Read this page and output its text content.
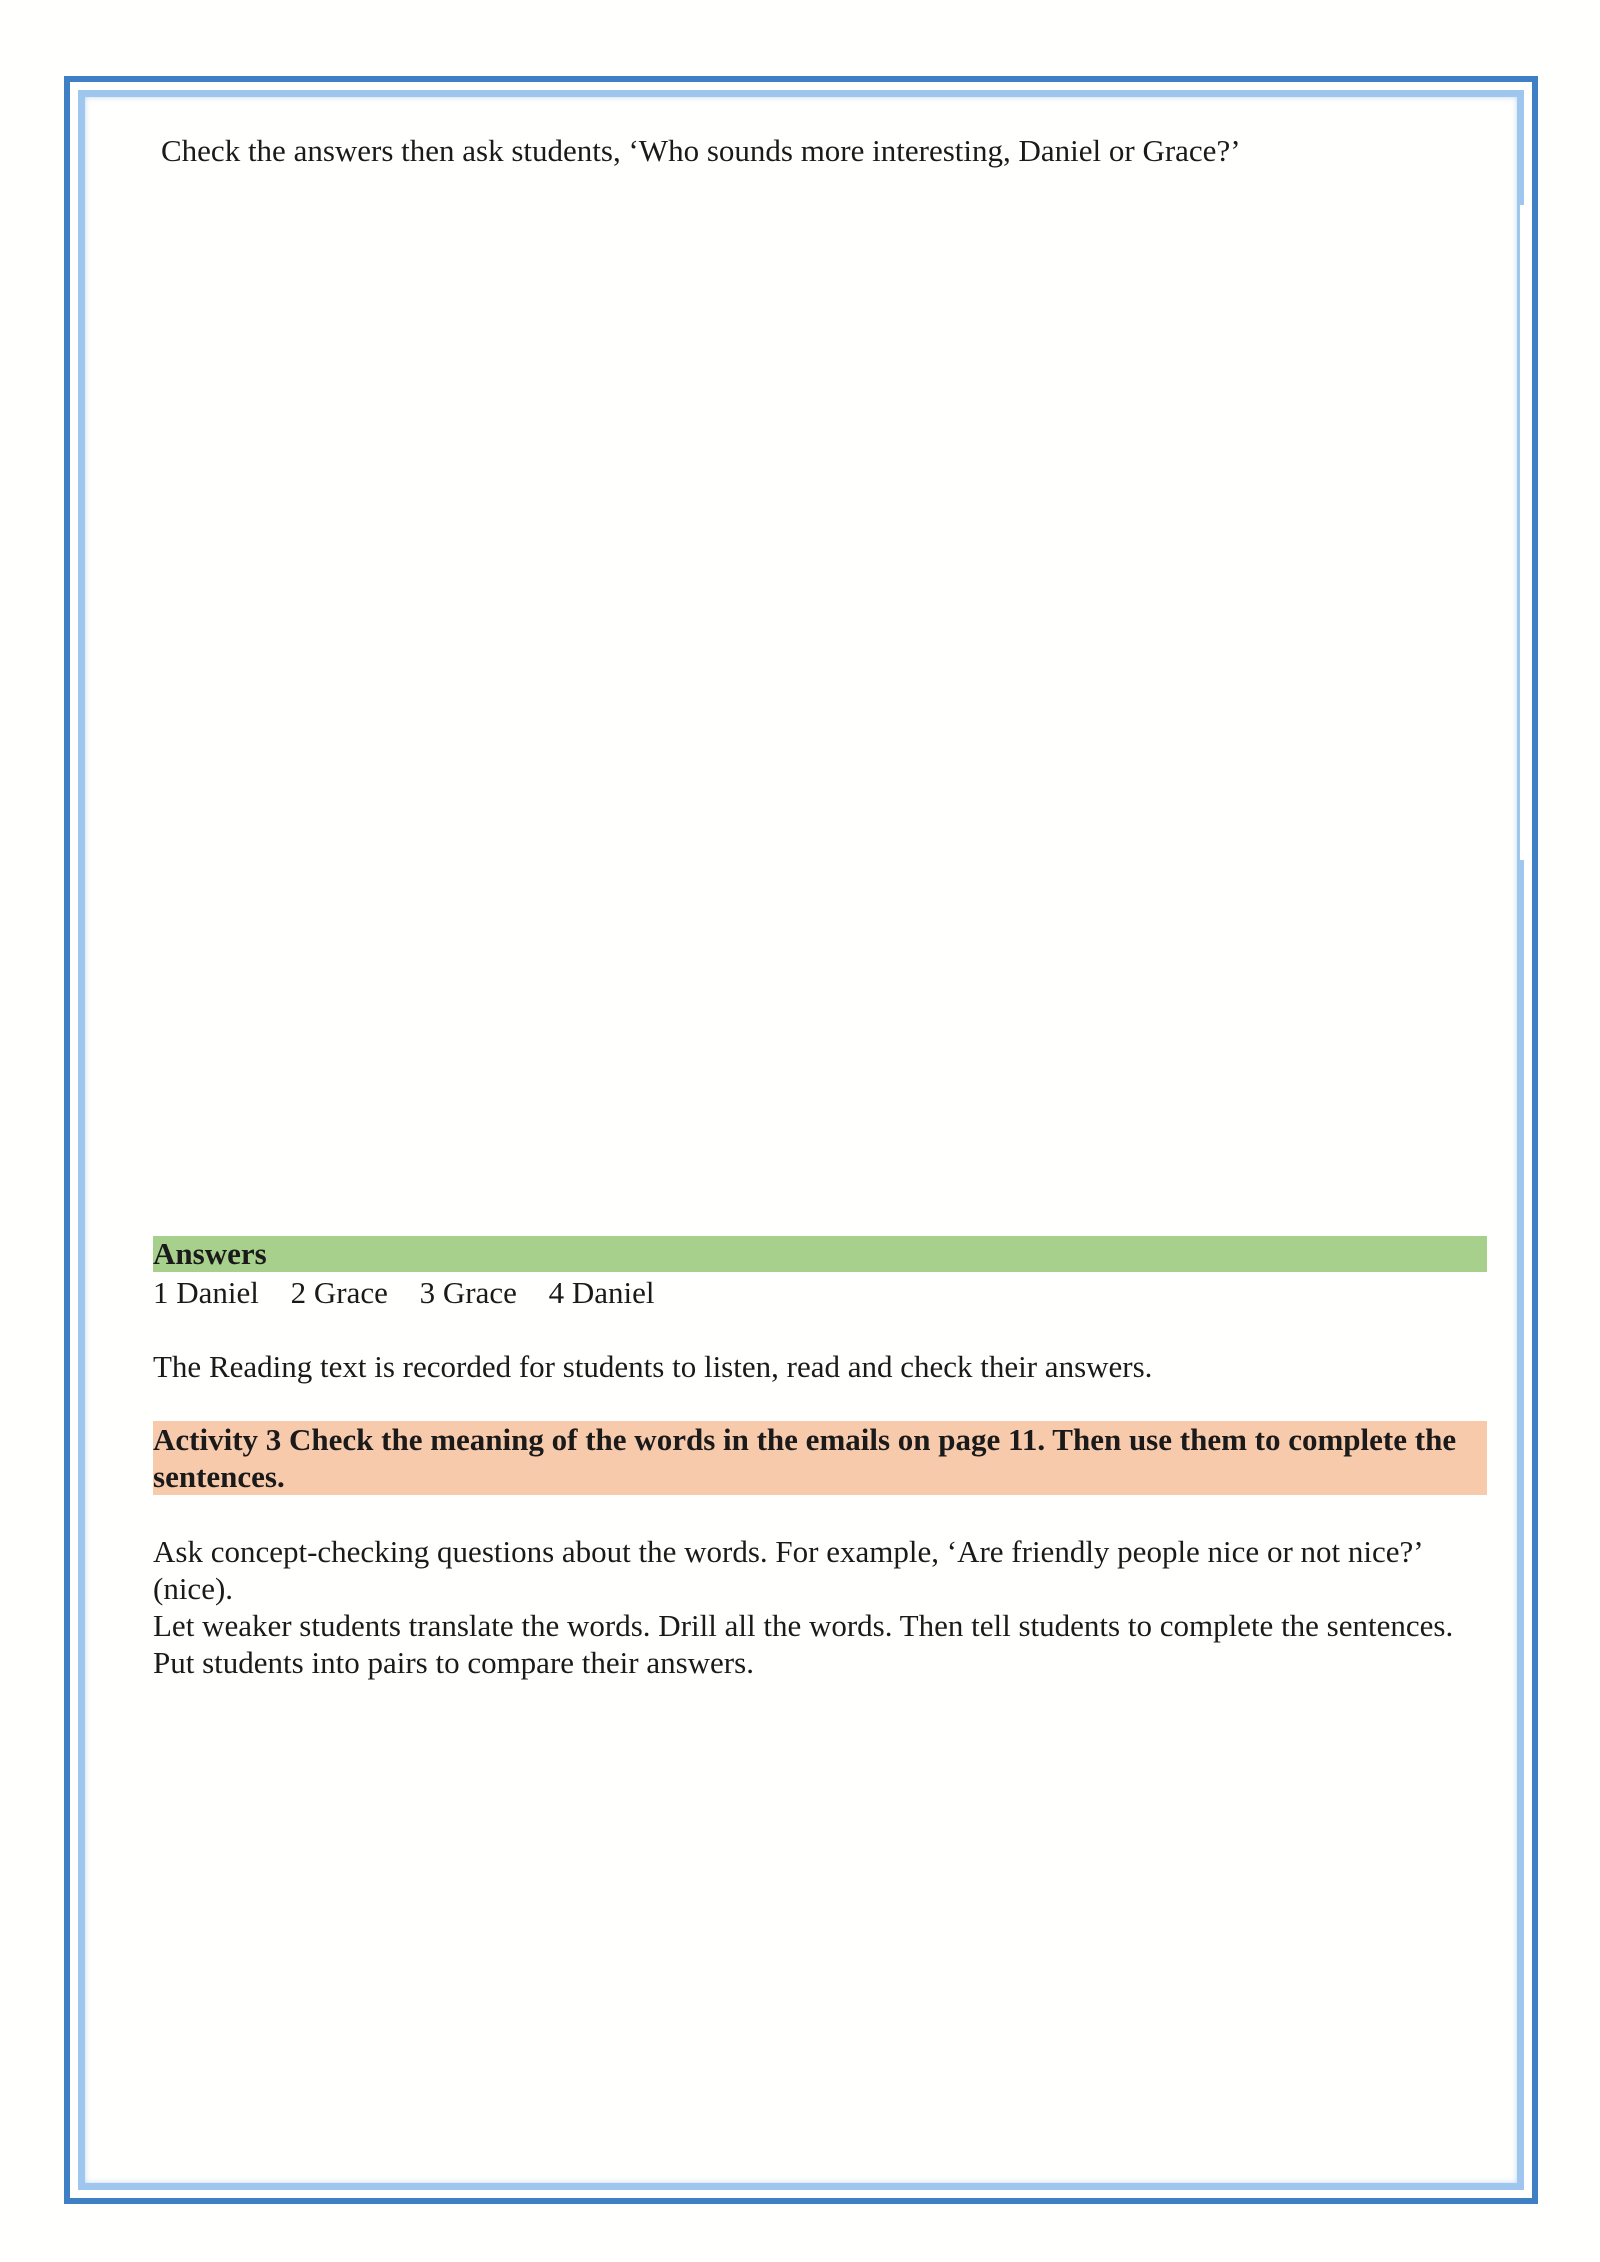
Check the answers then ask students, ‘Who sounds more interesting, Daniel or Grace?’
Answers
1 Daniel 2 Grace 3 Grace 4 Daniel
The Reading text is recorded for students to listen, read and check their answers.
Activity 3 Check the meaning of the words in the emails on page 11. Then use them to complete the sentences.

Ask concept-checking questions about the words. For example, ‘Are friendly people nice or not nice?’ (nice).

Let weaker students translate the words. Drill all the words. Then tell students to complete the sentences. Put students into pairs to compare their answers.
